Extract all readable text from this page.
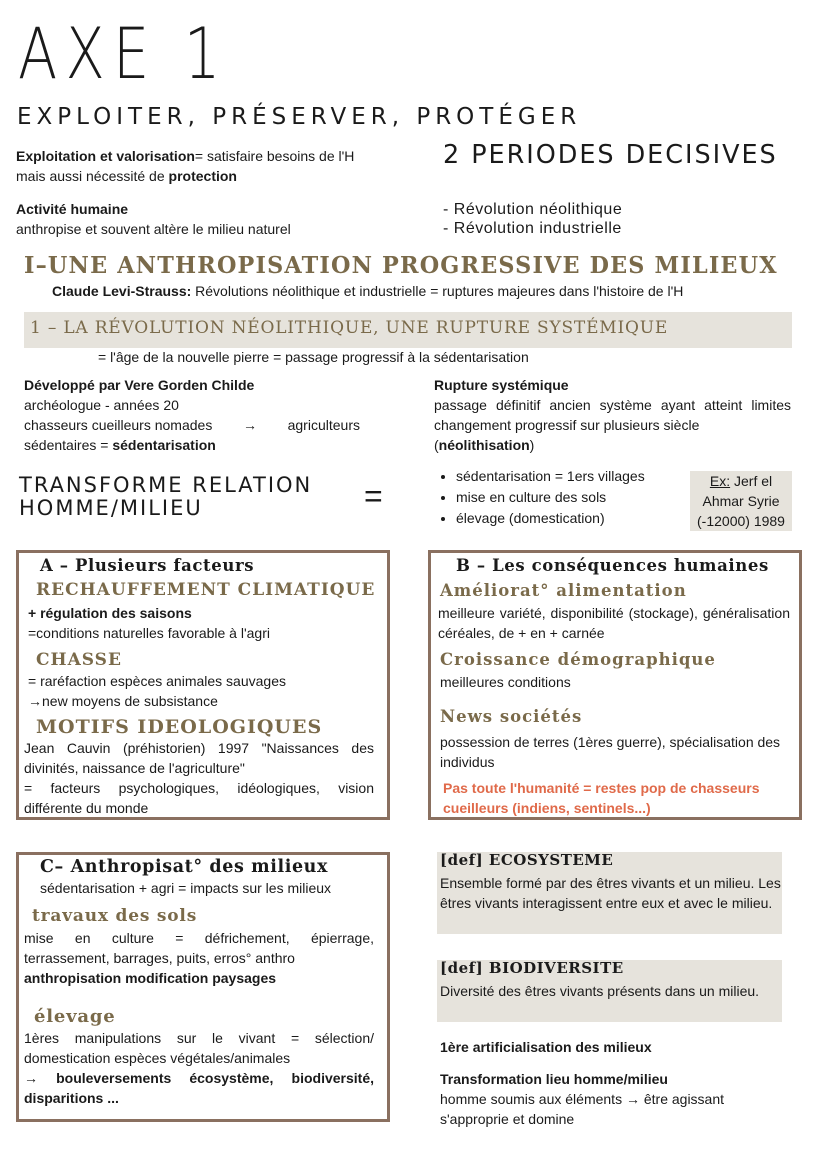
AXE 1
EXPLOITER, PRÉSERVER, PROTÉGER

Exploitation et valorisation= satisfaire besoins de l'H

mais aussi nécessité de protection

Activité humaine

anthropise et souvent altère le milieu naturel

2 PERIODES DECISIVES

- Révolution néolithique

- Révolution industrielle

I–UNE ANTHROPISATION PROGRESSIVE DES MILIEUX
Claude Levi-Strauss: Révolutions néolithique et industrielle = ruptures majeures dans l'histoire de l'H
1 – LA RÉVOLUTION NÉOLITHIQUE, UNE RUPTURE SYSTÉMIQUE
= l'âge de la nouvelle pierre = passage progressif à la sédentarisation

Développé par Vere Gorden Childe

archéologue - années 20

chasseurs cueilleurs nomades → agriculteurs

sédentaires = sédentarisation

Rupture systémique

passage définitif ancien système ayant atteint limites changement progressif sur plusieurs siècle

(néolithisation)

TRANSFORME RELATION

HOMME/MILIEU	=
• sédentarisation = 1ers villages
• mise en culture des sols
• élevage (domestication)

Ex: Jerf el

Ahmar Syrie

(-12000) 1989

A – Plusieurs facteurs
RECHAUFFEMENT CLIMATIQUE

+ régulation des saisons

=conditions naturelles favorable à l'agri

CHASSE

= raréfaction espèces animales sauvages

→new moyens de subsistance

MOTIFS IDEOLOGIQUES

Jean Cauvin (préhistorien) 1997 "Naissances des divinités, naissance de l'agriculture"

= facteurs psychologiques, idéologiques, vision différente du monde

B – Les conséquences humaines
Améliorat° alimentation
meilleure variété, disponibilité (stockage), généralisation céréales, de + en + carnée
Croissance démographique
meilleures conditions
News sociétés
possession de terres (1ères guerre), spécialisation des individus
Pas toute l'humanité = restes pop de chasseurs cueilleurs (indiens, sentinels...)
C– Anthropisat° des milieux
sédentarisation + agri = impacts sur les milieux
travaux des sols

mise en culture = défrichement, épierrage, terrassement, barrages, puits, erros° anthro

anthropisation modification paysages

élevage

1ères manipulations sur le vivant = sélection/ domestication espèces végétales/animales

→ bouleversements écosystème, biodiversité, disparitions ...

[def] ECOSYSTEME
Ensemble formé par des êtres vivants et un milieu. Les êtres vivants interagissent entre eux et avec le milieu.
[def] BIODIVERSITE
Diversité des êtres vivants présents dans un milieu.
1ère artificialisation des milieux

Transformation lieu homme/milieu

homme soumis aux éléments → être agissant

s'approprie et domine
